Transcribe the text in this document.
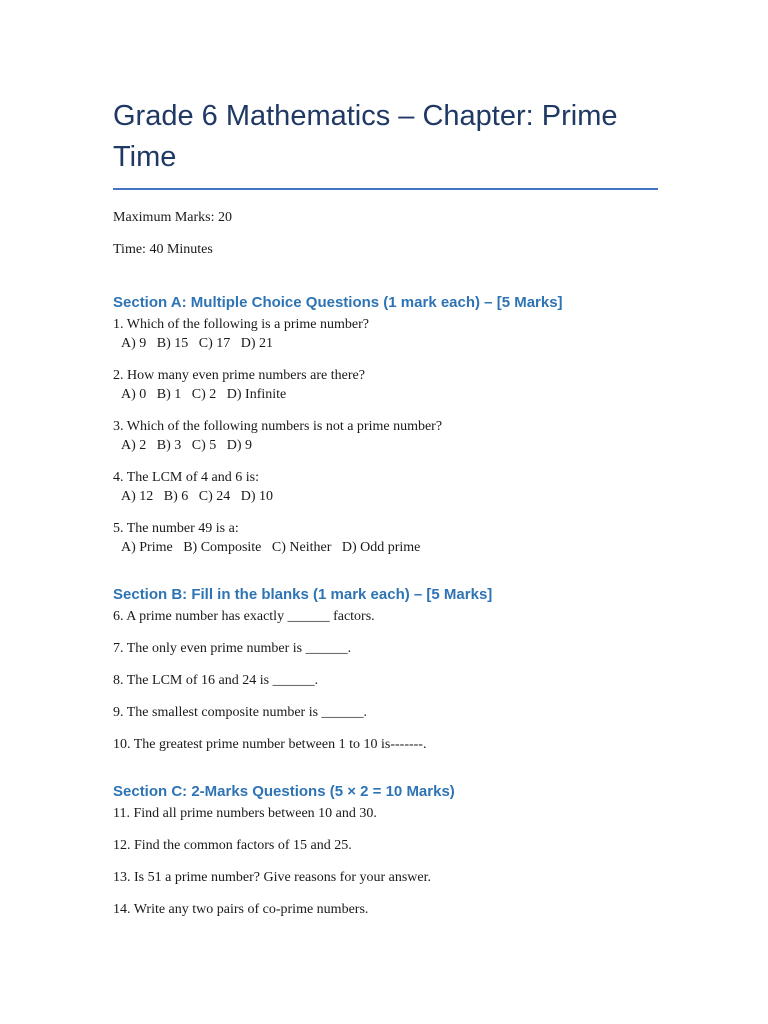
Grade 6 Mathematics – Chapter: Prime Time

Maximum Marks: 20

Time: 40 Minutes

Section A: Multiple Choice Questions (1 mark each) – [5 Marks]

1. Which of the following is a prime number?

A) 9   B) 15   C) 17   D) 21

2. How many even prime numbers are there?

A) 0   B) 1   C) 2   D) Infinite

3. Which of the following numbers is not a prime number?

A) 2   B) 3   C) 5   D) 9

4. The LCM of 4 and 6 is:

A) 12   B) 6   C) 24   D) 10

5. The number 49 is a:

A) Prime   B) Composite   C) Neither   D) Odd prime

Section B: Fill in the blanks (1 mark each) – [5 Marks]

6. A prime number has exactly ______ factors.

7. The only even prime number is ______.

8. The LCM of 16 and 24 is ______.

9. The smallest composite number is ______.

10. The greatest prime number between 1 to 10 is-------.

Section C: 2-Marks Questions (5 × 2 = 10 Marks)

11. Find all prime numbers between 10 and 30.

12. Find the common factors of 15 and 25.

13. Is 51 a prime number? Give reasons for your answer.

14. Write any two pairs of co-prime numbers.
